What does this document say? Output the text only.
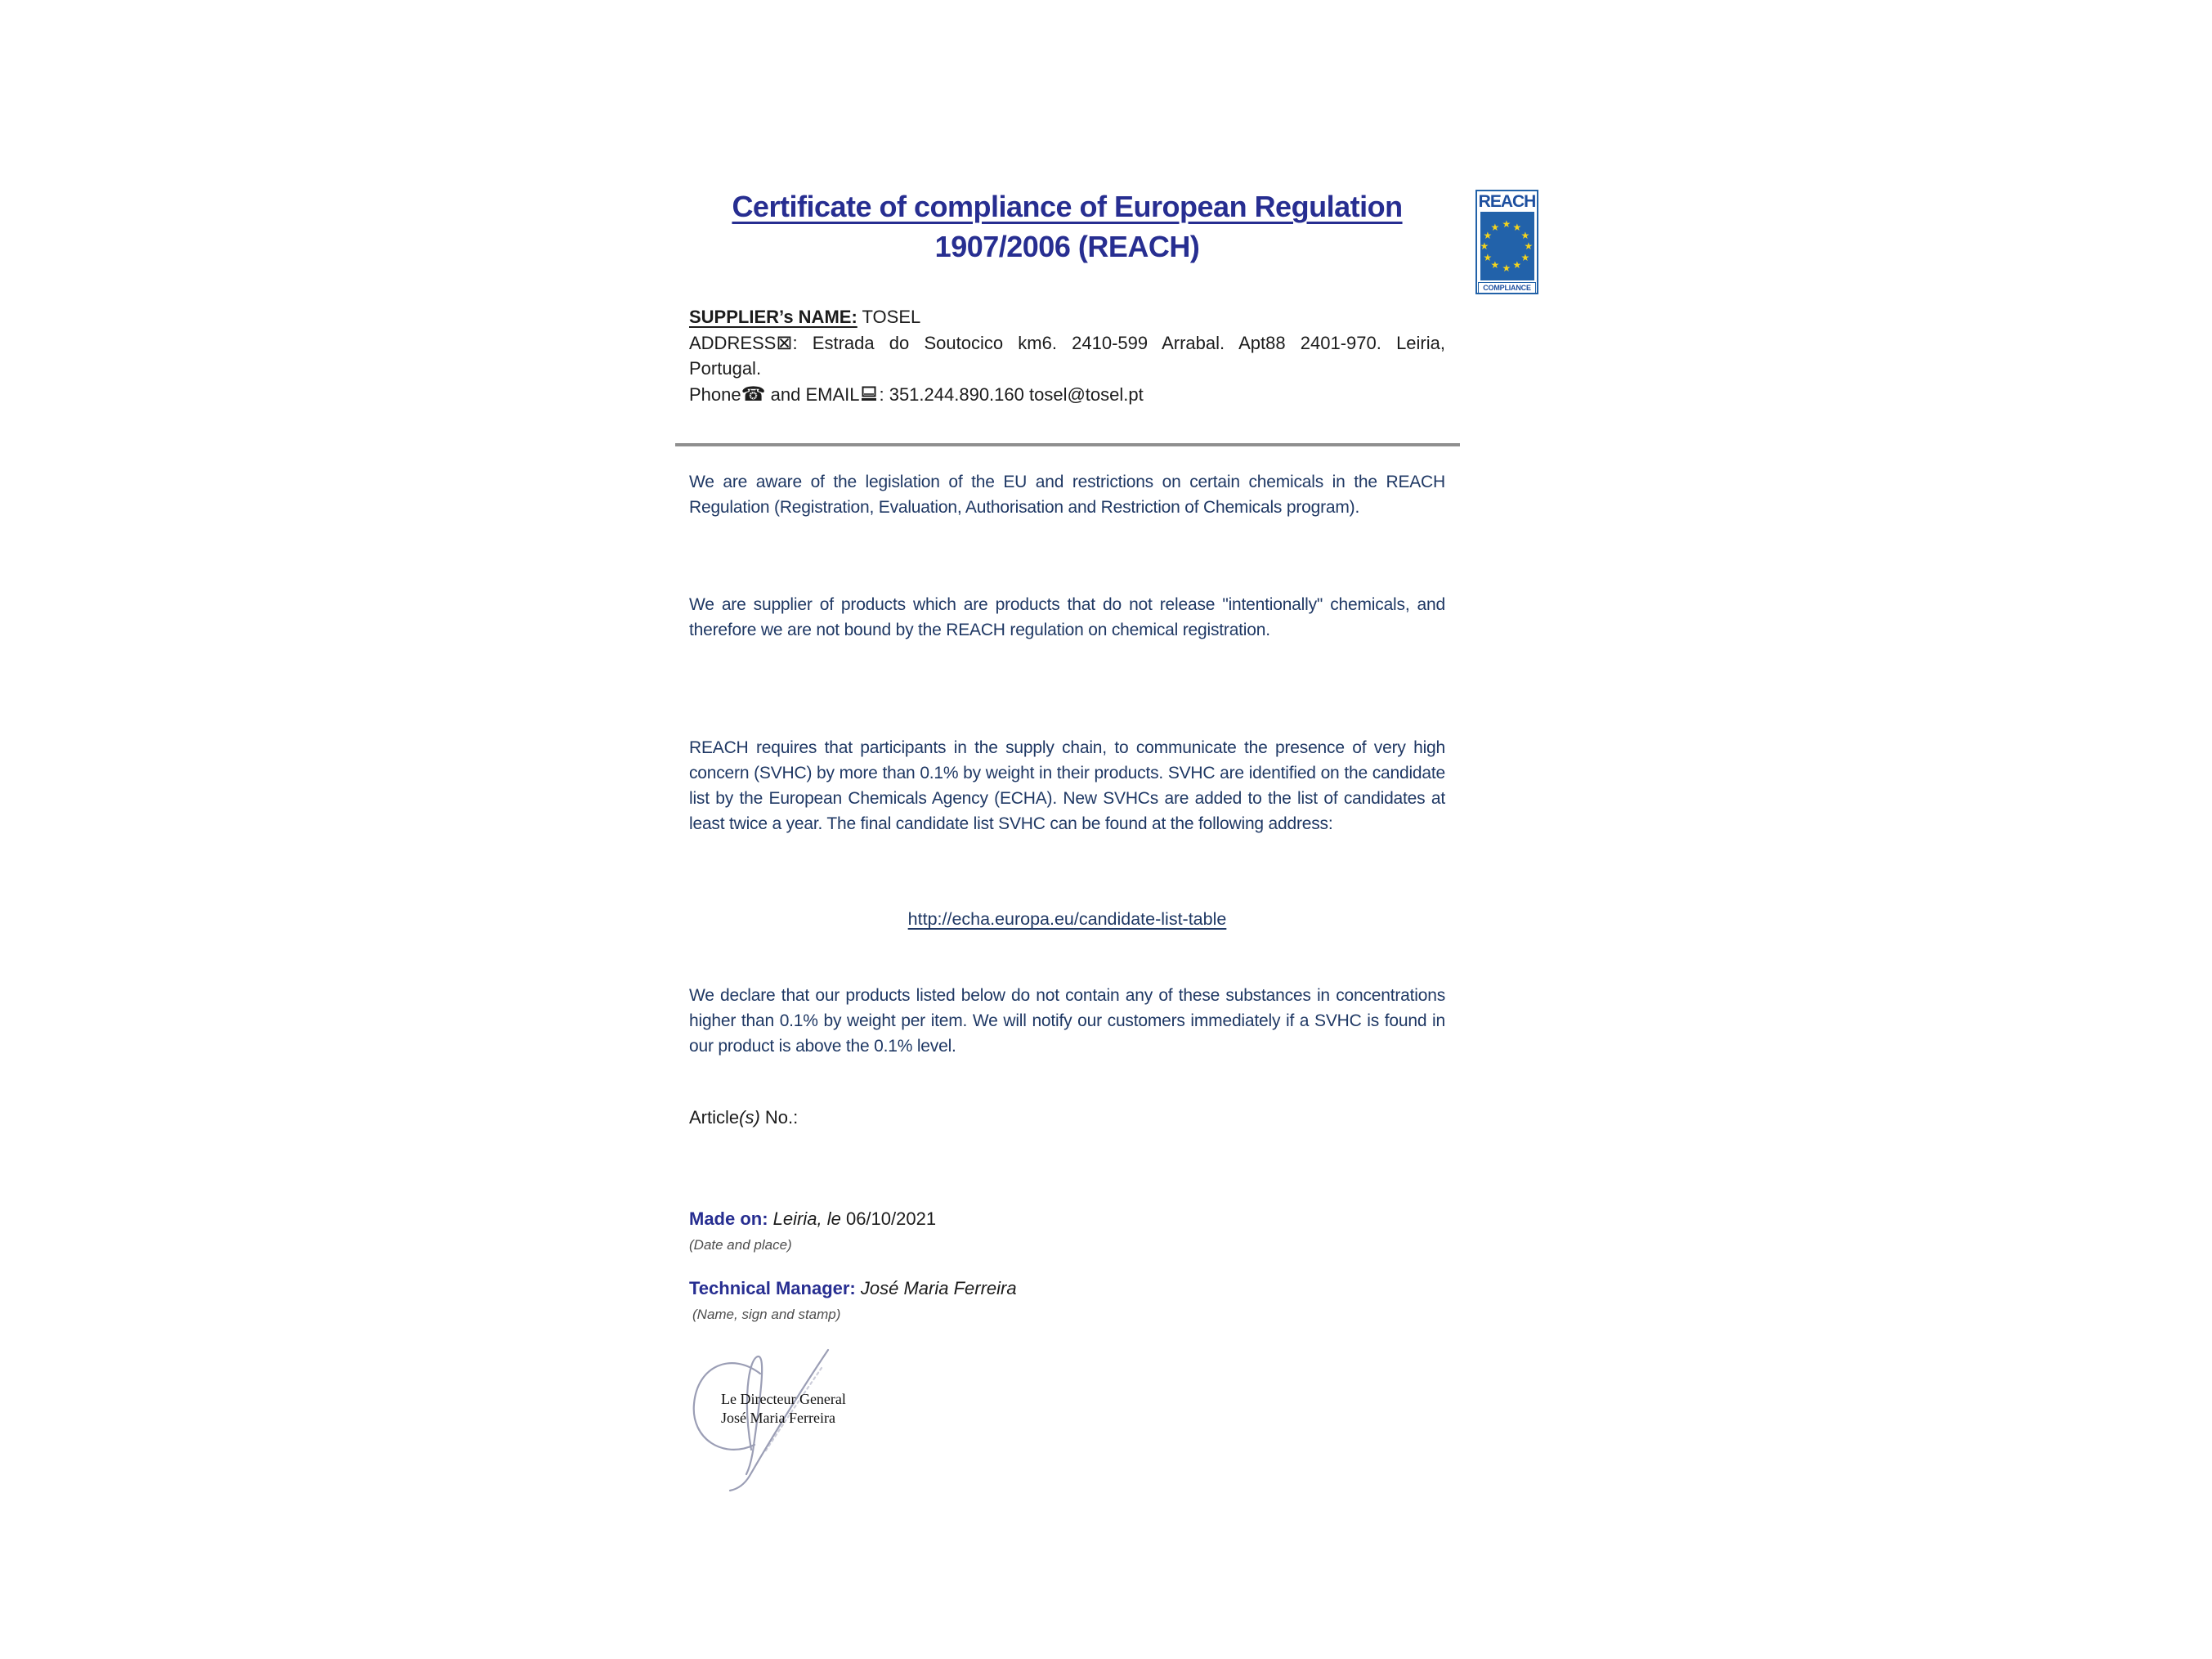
Certificate of compliance of European Regulation
1907/2006 (REACH)
REACH
★ ★
★
★
★
★
★
★
★
★
★
★
COMPLIANCE
SUPPLIER’s NAME: TOSEL
ADDRESS⊠: Estrada do Soutocico km6. 2410-599 Arrabal. Apt88 2401-970. Leiria,
Portugal.
Phone☎ and EMAIL : 351.244.890.160 tosel@tosel.pt
We are aware of the legislation of the EU and restrictions on certain chemicals in the REACH Regulation (Registration, Evaluation, Authorisation and Restriction of Chemicals program).
We are supplier of products which are products that do not release "intentionally" chemicals, and therefore we are not bound by the REACH regulation on chemical registration.
REACH requires that participants in the supply chain, to communicate the presence of very high concern (SVHC) by more than 0.1% by weight in their products. SVHC are identified on the candidate list by the European Chemicals Agency (ECHA). New SVHCs are added to the list of candidates at least twice a year. The final candidate list SVHC can be found at the following address:
http://echa.europa.eu/candidate-list-table
We declare that our products listed below do not contain any of these substances in concentrations higher than 0.1% by weight per item. We will notify our customers immediately if a SVHC is found in our product is above the 0.1% level.
Article(s) No.:
Made on: Leiria, le 06/10/2021
(Date and place)
Technical Manager: José Maria Ferreira
(Name, sign and stamp)
Le Directeur General
José Maria Ferreira
